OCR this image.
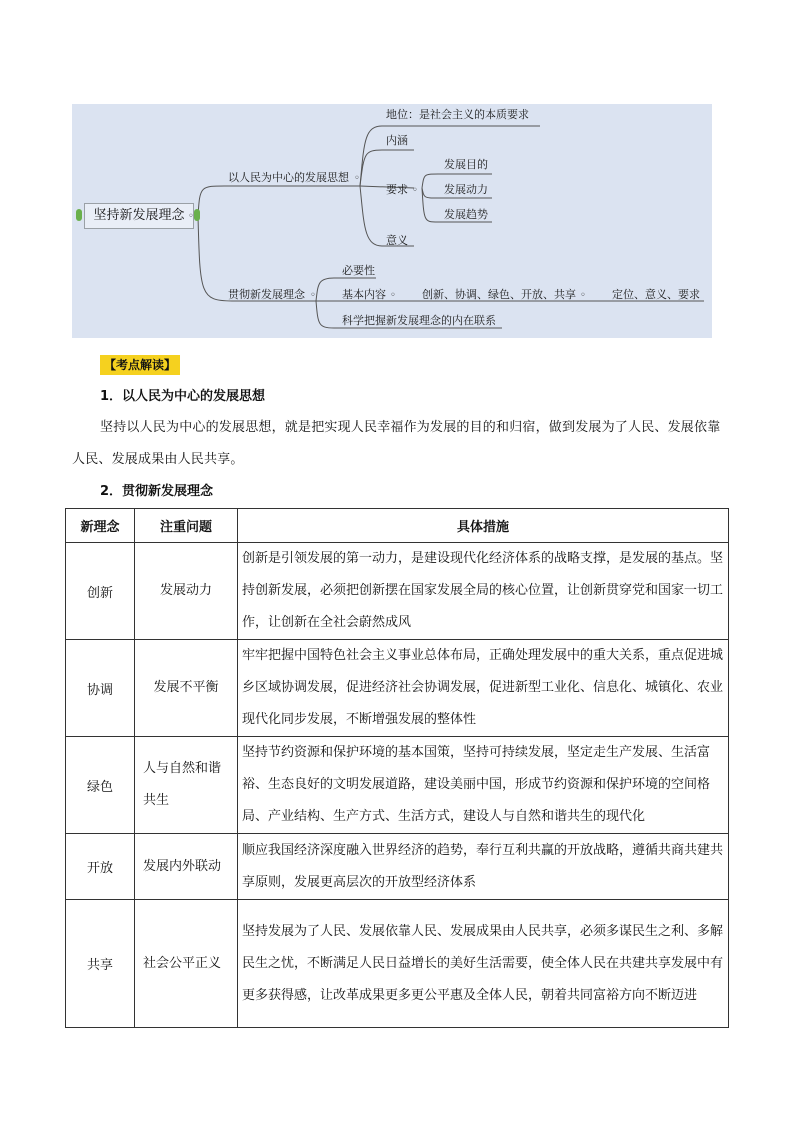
坚持新发展理念 ◦
以人民为中心的发展思想 ◦
地位：是社会主义的本质要求
内涵
要求 ◦
发展目的
发展动力
发展趋势
意义
贯彻新发展理念 ◦
必要性
基本内容 ◦ 创新、协调、绿色、开放、共享 ◦ 定位、意义、要求
科学把握新发展理念的内在联系
【考点解读】
1．以人民为中心的发展思想
坚持以人民为中心的发展思想，就是把实现人民幸福作为发展的目的和归宿，做到发展为了人民、发展依靠人民、发展成果由人民共享。
2．贯彻新发展理念
新理念	注重问题	具体措施
创新	发展动力	创新是引领发展的第一动力，是建设现代化经济体系的战略支撑，是发展的基点。坚持创新发展，必须把创新摆在国家发展全局的核心位置，让创新贯穿党和国家一切工作，让创新在全社会蔚然成风
协调	发展不平衡	牢牢把握中国特色社会主义事业总体布局，正确处理发展中的重大关系，重点促进城乡区域协调发展，促进经济社会协调发展，促进新型工业化、信息化、城镇化、农业现代化同步发展，不断增强发展的整体性
绿色	人与自然和谐共生	坚持节约资源和保护环境的基本国策，坚持可持续发展，坚定走生产发展、生活富裕、生态良好的文明发展道路，建设美丽中国，形成节约资源和保护环境的空间格局、产业结构、生产方式、生活方式，建设人与自然和谐共生的现代化
开放	发展内外联动	顺应我国经济深度融入世界经济的趋势，奉行互利共赢的开放战略，遵循共商共建共享原则，发展更高层次的开放型经济体系
共享	社会公平正义	坚持发展为了人民、发展依靠人民、发展成果由人民共享，必须多谋民生之利、多解民生之忧，不断满足人民日益增长的美好生活需要，使全体人民在共建共享发展中有更多获得感，让改革成果更多更公平惠及全体人民，朝着共同富裕方向不断迈进
